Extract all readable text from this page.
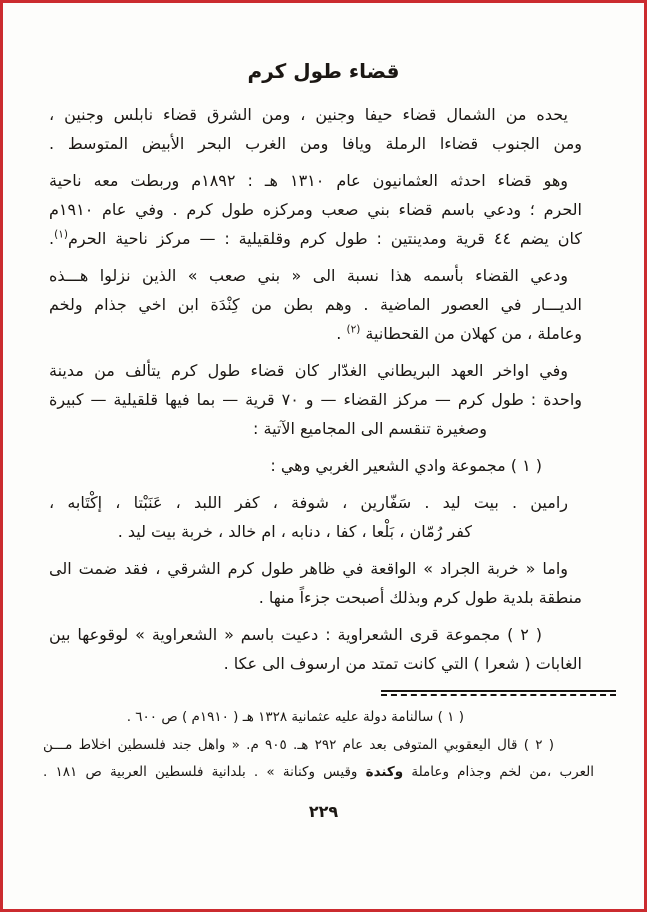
قضاء طول كرم
يحده من الشمال قضاء حيفا وجنين ، ومن الشرق قضاء نابلس وجنين ،
ومن الجنوب قضاءا الرملة ويافا ومن الغرب البحر الأبيض المتوسط .
وهو قضاء احدثه العثمانيون عام ١٣١٠ هـ : ١٨٩٢م وربطت معه ناحية
الحرم ؛ ودعي باسم قضاء بني صعب ومركزه طول كرم . وفي عام ١٩١٠م
كان يضم ٤٤ قرية ومدينتين : طول كرم وقلقيلية : — مركز ناحية الحرم$^{(١)}$.
ودعي القضاء بأسمه هذا نسبة الى « بني صعب » الذين نزلوا هـــذه
الديـــار في العصور الماضية . وهم بطن من كِنْدَة ابن اخي جذام ولخم
وعاملة ، من كهلان من القحطانية $^{(٢)}$ .
وفي اواخر العهد البريطاني الغدّار كان قضاء طول كرم يتألف من مدينة
واحدة : طول كرم — مركز القضاء — و ٧٠ قرية — بما فيها قلقيلية — كبيرة
وصغيرة تنقسم الى المجاميع الآتية :
( ١ ) مجموعة وادي الشعير الغربي وهي :
رامين . بيت ليد . سَفّارين ، شوفة ، كفر اللبد ، عَنَبْتا ، إكْتَابه ،
كفر رُمّان ، بَلْعا ، كفا ، دنابه ، ام خالد ، خربة بيت ليد .
واما « خربة الجراد » الواقعة في ظاهر طول كرم الشرقي ، فقد ضمت الى
منطقة بلدية طول كرم وبذلك أصبحت جزءاً منها .
( ٢ ) مجموعة قرى الشعراوية : دعيت باسم « الشعراوية » لوقوعها بين
الغابات ( شعرا ) التي كانت تمتد من ارسوف الى عكا .
( ١ ) سالنامة دولة عليه عثمانية ١٣٢٨ هـ ( ١٩١٠م ) ص ٦٠٠ .
( ٢ ) قال اليعقوبي المتوفى بعد عام ٢٩٢ هـ. ٩٠٥ م. « واهل جند فلسطين اخلاط مـــن
العرب ،من لخم وجذام وعاملة وكندة وقيس وكنانة » . بلدانية فلسطين العربية ص ١٨١ .
٢٢٩
